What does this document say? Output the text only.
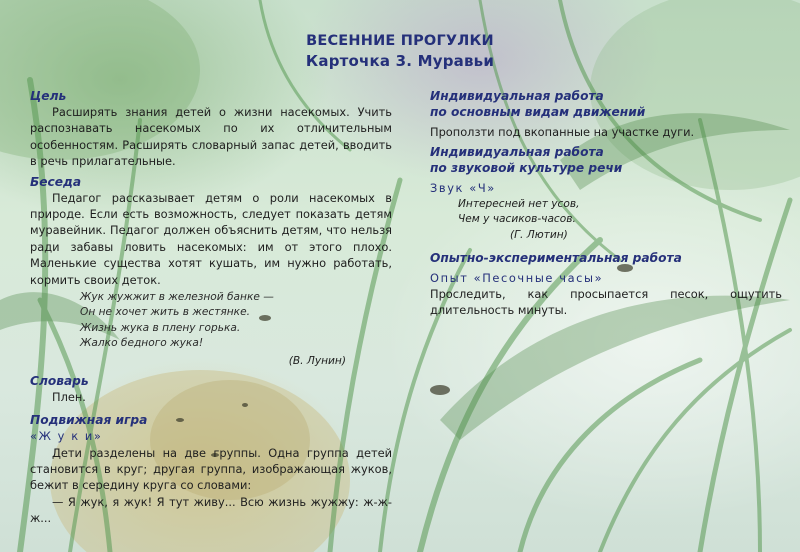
ВЕСЕННИЕ ПРОГУЛКИ
Карточка 3. Муравьи
Цель

Расширять знания детей о жизни насекомых. Учить распознавать насекомых по их отличительным особенностям. Расширять словарный запас детей, вводить в речь прилагательные.

Беседа

Педагог рассказывает детям о роли насекомых в природе. Если есть возможность, следует показать детям муравейник. Педагог должен объяснить детям, что нельзя ради забавы ловить насекомых: им от этого плохо. Маленькие существа хотят кушать, им нужно работать, кормить своих деток.

Жук жужжит в железной банке —
Он не хочет жить в жестянке.
Жизнь жука в плену горька.
Жалко бедного жука!
(В. Лунин)
Словарь

Плен.

Подвижная игра
«Ж у к и»

Дети разделены на две группы. Одна группа детей становится в круг; другая группа, изображающая жуков, бежит в середину круга со словами:

— Я жук, я жук! Я тут живу... Всю жизнь жужжу: ж-ж-ж...

Индивидуальная работа
по основным видам движений

Проползти под вкопанные на участке дуги.

Индивидуальная работа
по звуковой культуре речи
Звук «Ч»
Интересней нет усов,
Чем у часиков-часов.
(Г. Лютин)
Опытно-экспериментальная работа
Опыт «Песочные часы»

Проследить, как просыпается песок, ощутить длительность минуты.
